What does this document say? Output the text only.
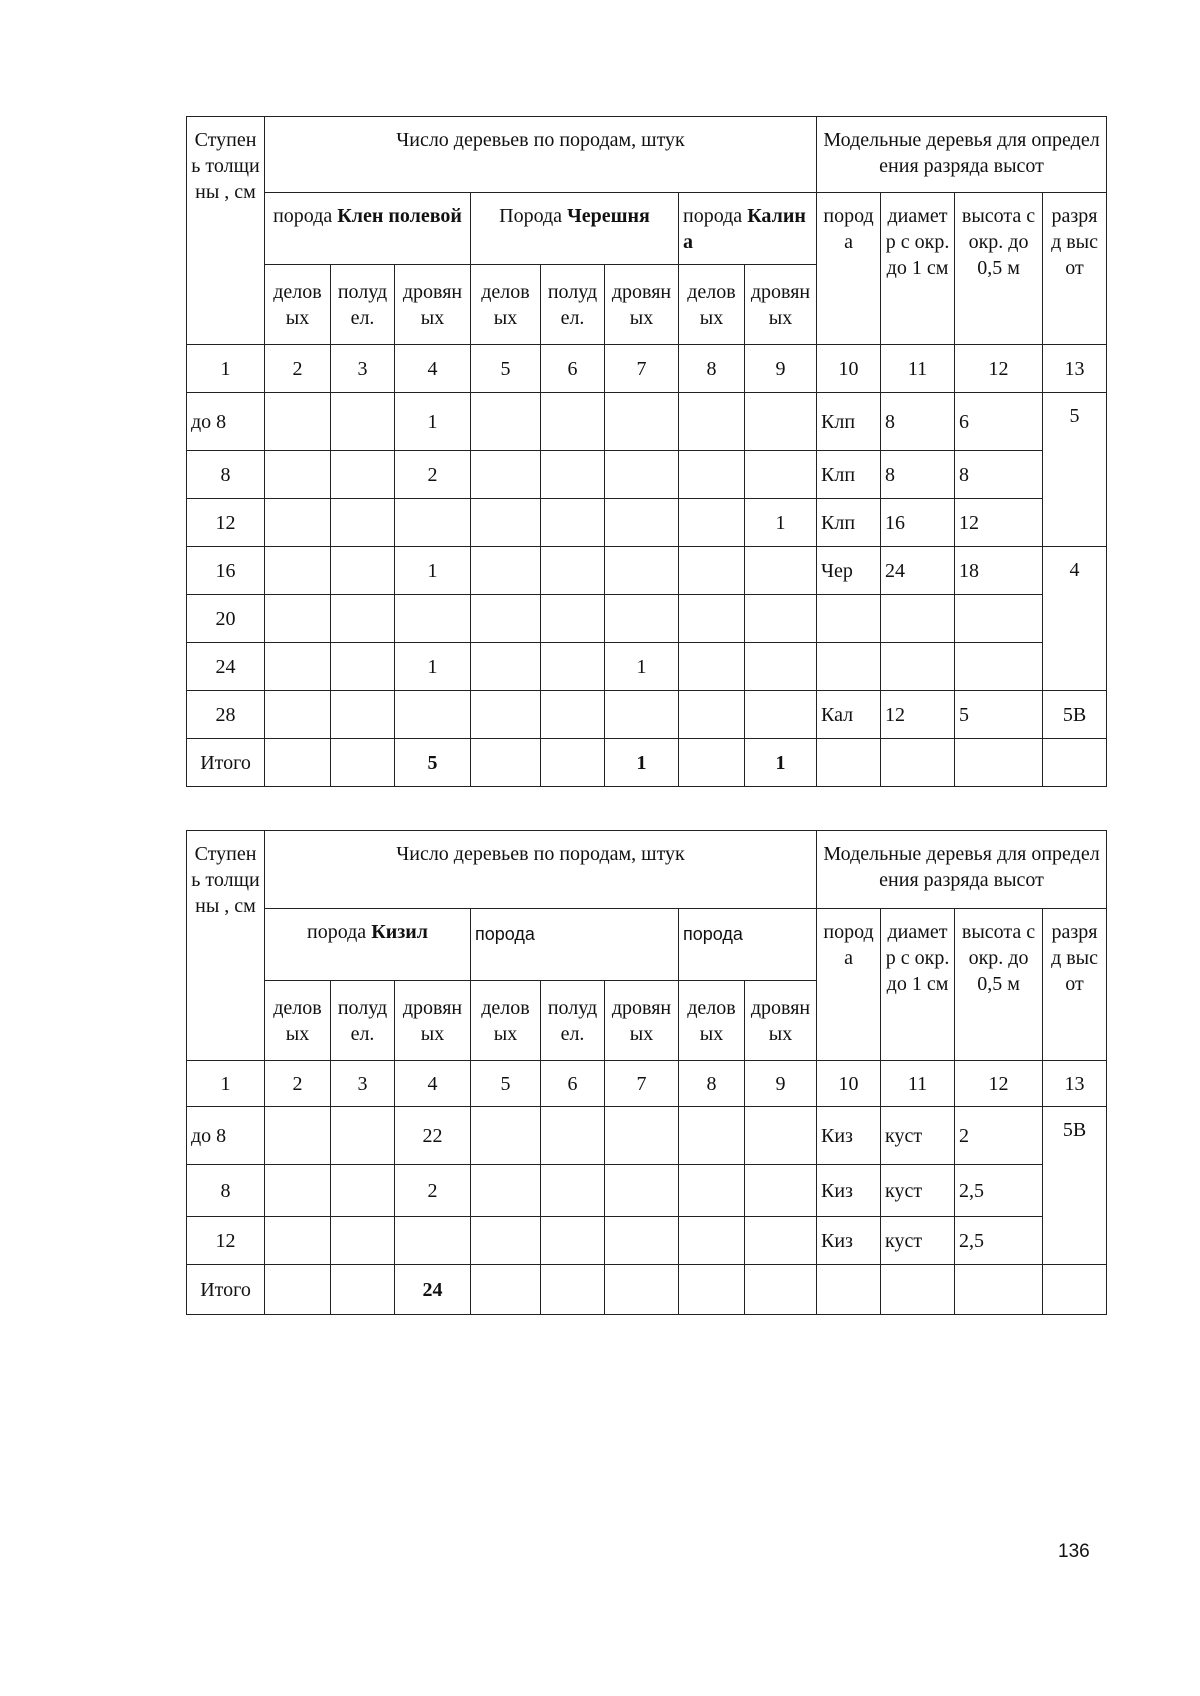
Ступень толщины , см	Число деревьев по породам, штук								Модельные деревья для определения разряда высот			
	порода Клен полевой			Порода Черешня			порода Калина		порода	диаметр с окр. до 1 см	высота с окр. до 0,5 м	разряд высот
	деловых	полудел.	дровяных	деловых	полудел.	дровяных	деловых	дровяных				
1	2	3	4	5	6	7	8	9	10	11	12	13
до 8			1						Клп	8	6	5
8			2						Клп	8	8	
12								1	Клп	16	12	
16			1						Чер	24	18	4
20												
24			1			1						
28									Кал	12	5	5В
Итого			5			1		1				
Ступень толщины , см	Число деревьев по породам, штук								Модельные деревья для определения разряда высот			
	порода Кизил			порода			порода		порода	диаметр с окр. до 1 см	высота с окр. до 0,5 м	разряд высот
	деловых	полудел.	дровяных	деловых	полудел.	дровяных	деловых	дровяных				
1	2	3	4	5	6	7	8	9	10	11	12	13
до 8			22						Киз	куст	2	5В
8			2						Киз	куст	2,5	
12									Киз	куст	2,5	
Итого			24									
136
